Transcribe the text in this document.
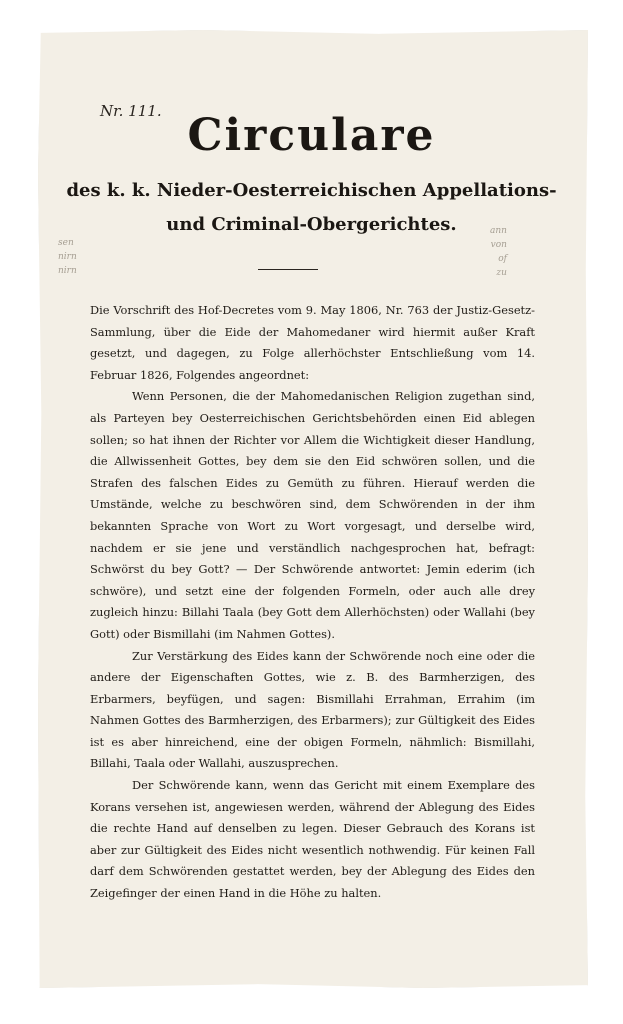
sen
nirn
nirn
ann
von
of
zu
Nr. 111. Circulare
des k. k. Nieder-Oesterreichischen Appellations-
und Criminal-Obergerichtes.

Die Vorschrift des Hof-Decretes vom 9. May 1806, Nr. 763 der Justiz-Gesetz-Sammlung, über die Eide der Mahomedaner wird hiermit außer Kraft gesetzt, und dagegen, zu Folge allerhöchster Entschließung vom 14. Februar 1826, Folgendes angeordnet:

Wenn Personen, die der Mahomedanischen Religion zugethan sind, als Parteyen bey Oesterreichischen Gerichtsbehörden einen Eid ablegen sollen; so hat ihnen der Richter vor Allem die Wichtigkeit dieser Handlung, die Allwissenheit Gottes, bey dem sie den Eid schwören sollen, und die Strafen des falschen Eides zu Gemüth zu führen. Hierauf werden die Umstände, welche zu beschwören sind, dem Schwörenden in der ihm bekannten Sprache von Wort zu Wort vorgesagt, und derselbe wird, nachdem er sie jene und verständlich nachgesprochen hat, befragt: Schwörst du bey Gott? — Der Schwörende antwortet: Jemin ederim (ich schwöre), und setzt eine der folgenden Formeln, oder auch alle drey zugleich hinzu: Billahi Taala (bey Gott dem Allerhöchsten) oder Wallahi (bey Gott) oder Bismillahi (im Nahmen Gottes).

Zur Verstärkung des Eides kann der Schwörende noch eine oder die andere der Eigenschaften Gottes, wie z. B. des Barmherzigen, des Erbarmers, beyfügen, und sagen: Bismillahi Errahman, Errahim (im Nahmen Gottes des Barmherzigen, des Erbarmers); zur Gültigkeit des Eides ist es aber hinreichend, eine der obigen Formeln, nähmlich: Bismillahi, Billahi, Taala oder Wallahi, auszusprechen.

Der Schwörende kann, wenn das Gericht mit einem Exemplare des Korans versehen ist, angewiesen werden, während der Ablegung des Eides die rechte Hand auf denselben zu legen. Dieser Gebrauch des Korans ist aber zur Gültigkeit des Eides nicht wesentlich nothwendig. Für keinen Fall darf dem Schwörenden gestattet werden, bey der Ablegung des Eides den Zeigefinger der einen Hand in die Höhe zu halten.
